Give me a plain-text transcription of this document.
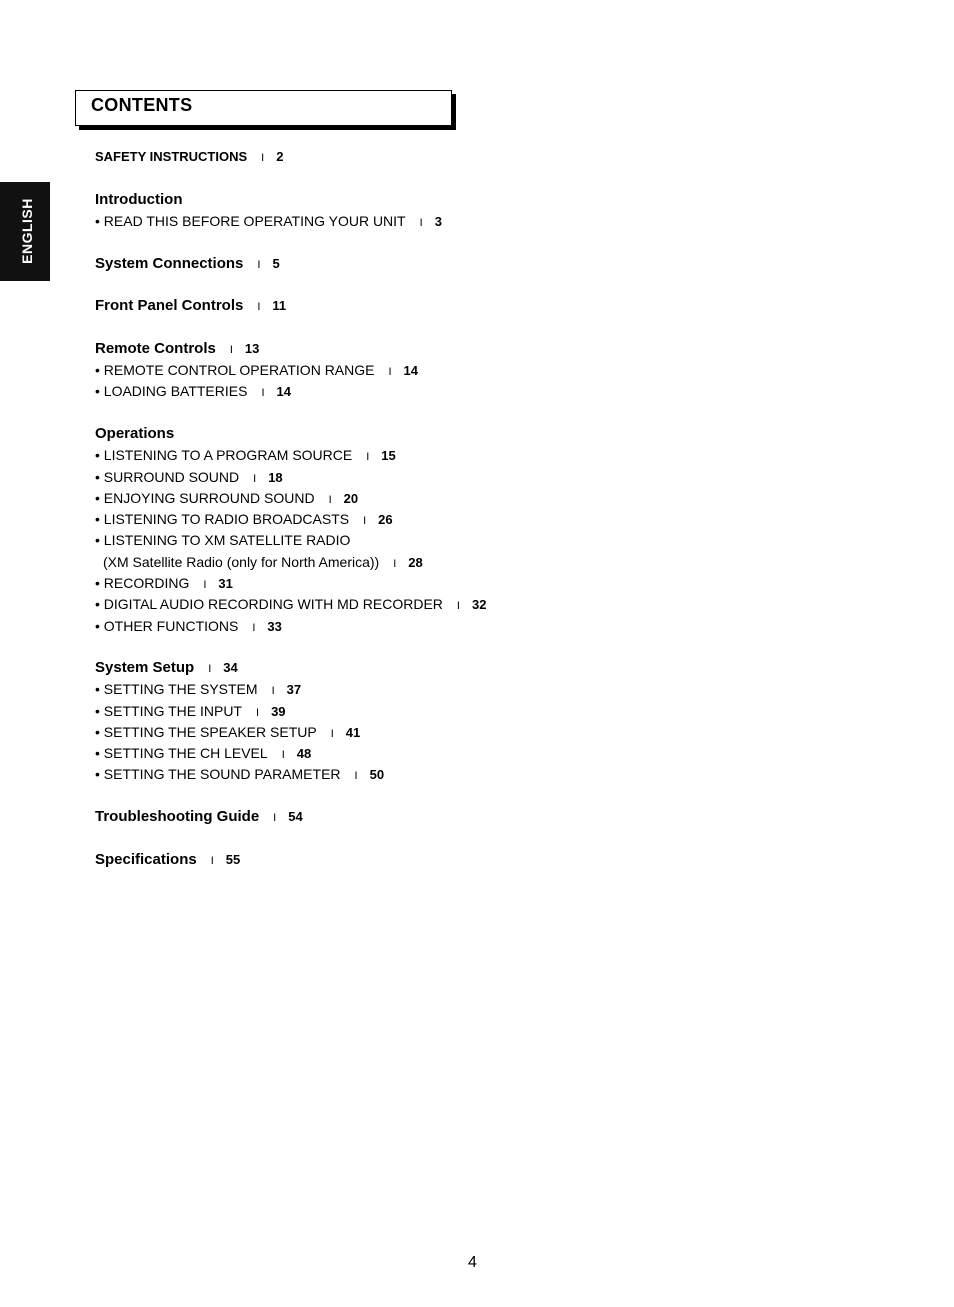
ENGLISH
CONTENTS
SAFETY INSTRUCTIONS I 2
Introduction
• READ THIS BEFORE OPERATING YOUR UNIT I 3
System Connections I 5
Front Panel Controls I 11
Remote Controls I 13
• REMOTE CONTROL OPERATION RANGE I 14
• LOADING BATTERIES I 14
Operations
• LISTENING TO A PROGRAM SOURCE I 15
• SURROUND SOUND I 18
• ENJOYING SURROUND SOUND I 20
• LISTENING TO RADIO BROADCASTS I 26
• LISTENING TO XM SATELLITE RADIO
(XM Satellite Radio (only for North America)) I 28
• RECORDING I 31
• DIGITAL AUDIO RECORDING WITH MD RECORDER I 32
• OTHER FUNCTIONS I 33
System Setup I 34
• SETTING THE SYSTEM I 37
• SETTING THE INPUT I 39
• SETTING THE SPEAKER SETUP I 41
• SETTING THE CH LEVEL I 48
• SETTING THE SOUND PARAMETER I 50
Troubleshooting Guide I 54
Specifications I 55
4
